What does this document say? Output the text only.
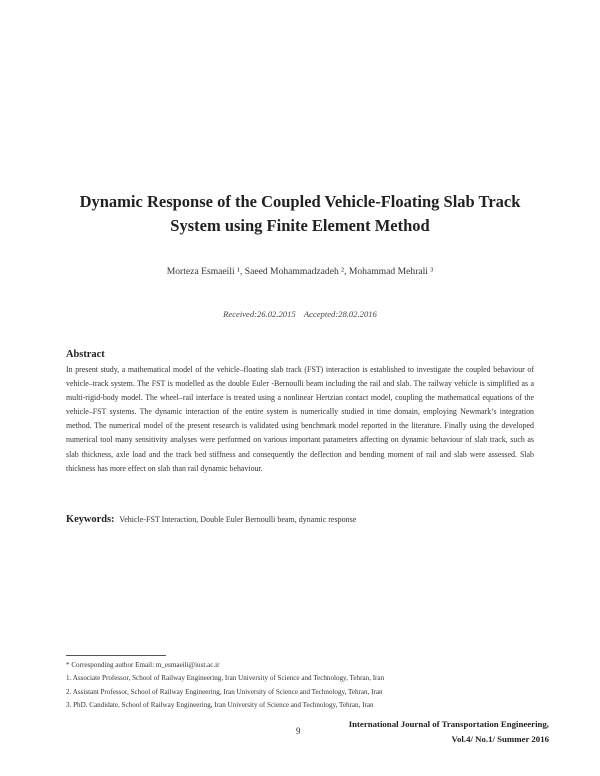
Dynamic Response of the Coupled Vehicle-Floating Slab Track
System using Finite Element Method
Morteza Esmaeili ¹, Saeed Mohammadzadeh ², Mohammad Mehrali ³
Received:26.02.2015 Accepted:28.02.2016
Abstract
In present study, a mathematical model of the vehicle–floating slab track (FST) interaction is established to investigate the coupled behaviour of vehicle–track system. The FST is modelled as the double Euler -Bernoulli beam including the rail and slab. The railway vehicle is simplified as a multi-rigid-body model. The wheel–rail interface is treated using a nonlinear Hertzian contact model, coupling the mathematical equations of the vehicle–FST systems. The dynamic interaction of the entire system is numerically studied in time domain, employing Newmark’s integration method. The numerical model of the present research is validated using benchmark model reported in the literature. Finally using the developed numerical tool many sensitivity analyses were performed on various important parameters affecting on dynamic behaviour of slab track, such as slab thickness, axle load and the track bed stiffness and consequently the deflection and bending moment of rail and slab were assessed. Slab thickness has more effect on slab than rail dynamic behaviour.
Keywords: Vehicle-FST Interaction, Double Euler Bernoulli beam, dynamic response
* Corresponding author Email: m_esmaeili@iust.ac.ir
1. Associate Professor, School of Railway Engineering, Iran University of Science and Technology, Tehran, Iran
2. Assistant Professor, School of Railway Engineering, Iran University of Science and Technology, Tehran, Iran
3. PhD. Candidate, School of Railway Engineering, Iran University of Science and Technology, Tehran, Iran
9
International Journal of Transportation Engineering,
Vol.4/ No.1/ Summer 2016
